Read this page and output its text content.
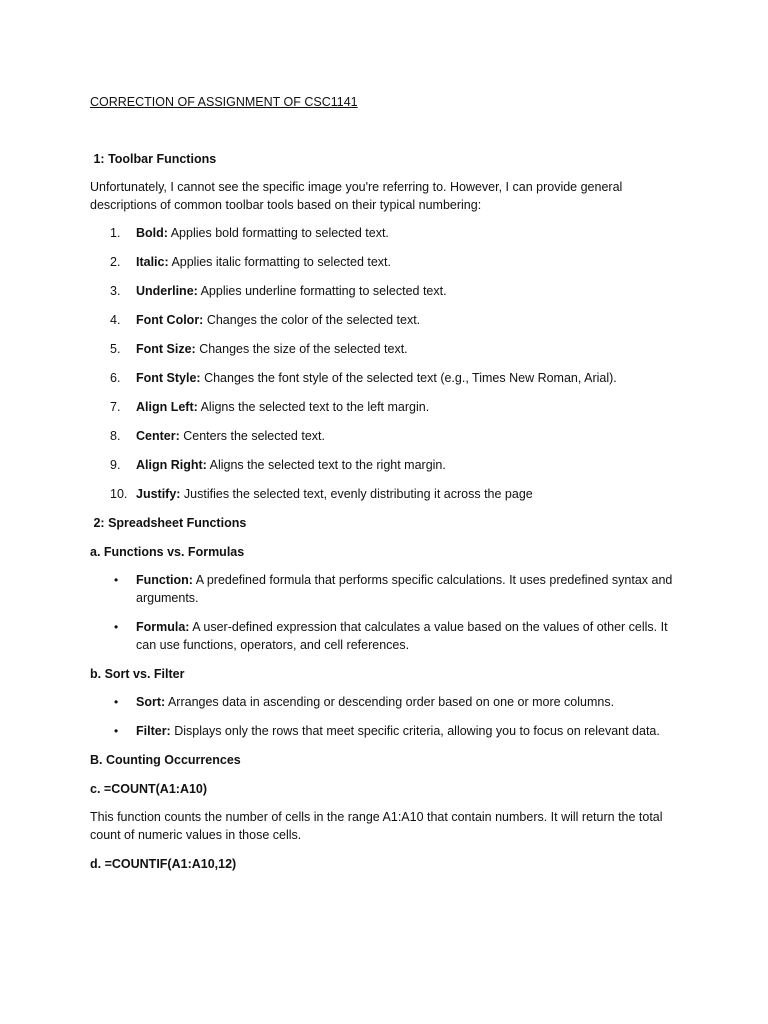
CORRECTION OF ASSIGNMENT OF CSC1141

1: Toolbar Functions

Unfortunately, I cannot see the specific image you're referring to. However, I can provide general descriptions of common toolbar tools based on their typical numbering:

1.	Bold: Applies bold formatting to selected text.
2.	Italic: Applies italic formatting to selected text.
3.	Underline: Applies underline formatting to selected text.
4.	Font Color: Changes the color of the selected text.
5.	Font Size: Changes the size of the selected text.
6.	Font Style: Changes the font style of the selected text (e.g., Times New Roman, Arial).
7.	Align Left: Aligns the selected text to the left margin.
8.	Center: Centers the selected text.
9.	Align Right: Aligns the selected text to the right margin.
10. Justify: Justifies the selected text, evenly distributing it across the page

2: Spreadsheet Functions

a. Functions vs. Formulas

• Function: A predefined formula that performs specific calculations. It uses predefined syntax and arguments.
• Formula: A user-defined expression that calculates a value based on the values of other cells. It can use functions, operators, and cell references.

b. Sort vs. Filter

• Sort: Arranges data in ascending or descending order based on one or more columns.
• Filter: Displays only the rows that meet specific criteria, allowing you to focus on relevant data.

B. Counting Occurrences

c. =COUNT(A1:A10)

This function counts the number of cells in the range A1:A10 that contain numbers. It will return the total count of numeric values in those cells.

d. =COUNTIF(A1:A10,12)
